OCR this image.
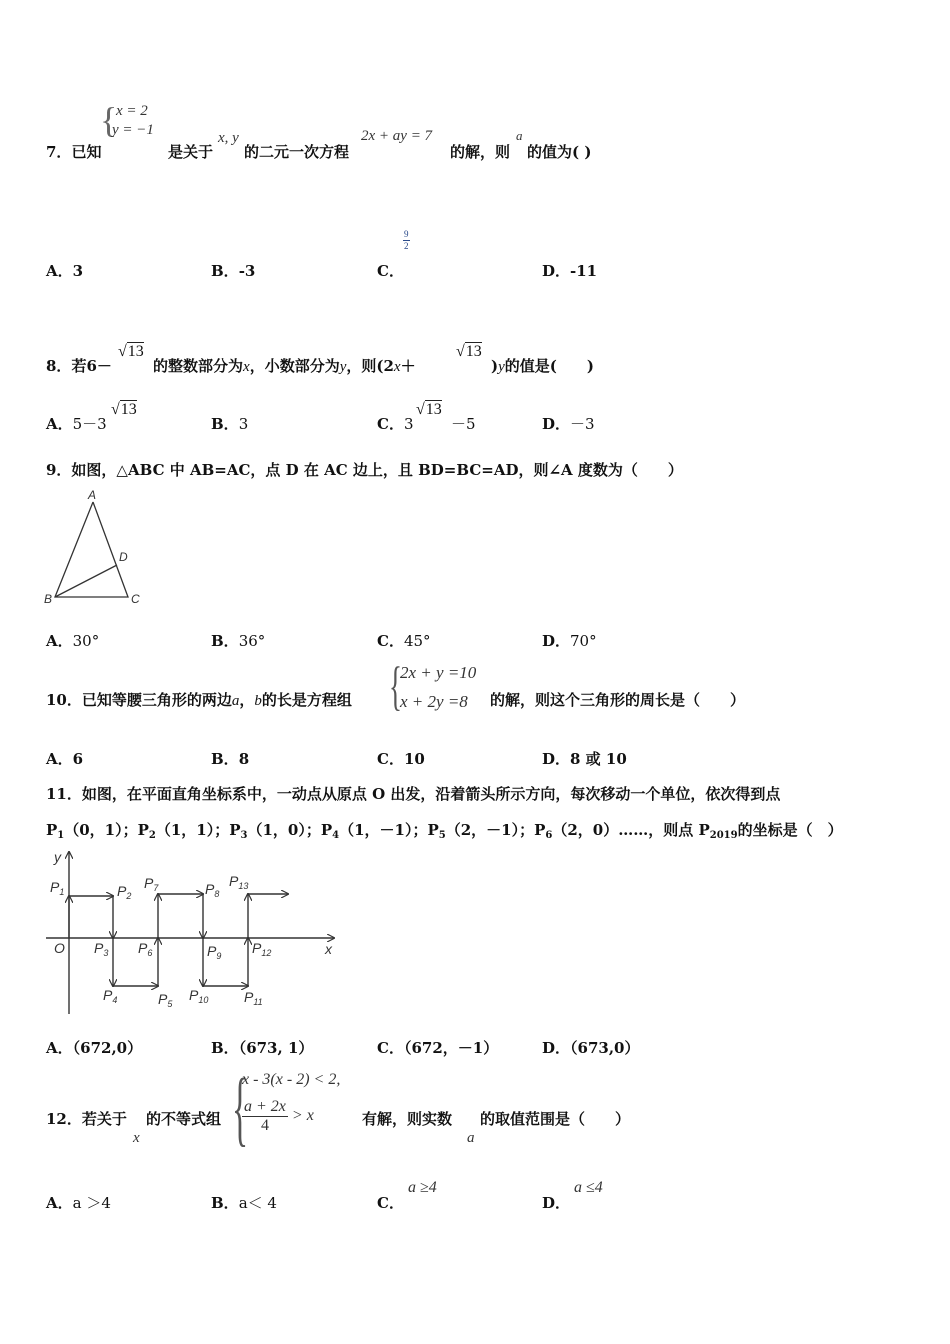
{
x = 2
y = −1
7．已知	是关于
x, y
的二元一次方程
2x + ay = 7
的解，则
a
的值为( )
A．3	B．-3	C．
$\frac{9}{2}$
D．-11
8．若6－
√13
的整数部分为x，小数部分为y，则(2x＋
√13
)y的值是(　　)
A．5－3
√13
B．3	C．3
√13
－5	D．－3
9．如图，△ABC 中 AB=AC，点 D 在 AC 边上，且 BD=BC=AD，则∠A 度数为（　　）
A
D
B	C
A．30°	B．36°	C．45°	D．70°
10．已知等腰三角形的两边a，b的长是方程组 {
2x + y =10
x + 2y =8 的解，则这个三角形的周长是（　　）
A．6	B．8	C．10	D．8 或 10
11．如图，在平面直角坐标系中，一动点从原点 O 出发，沿着箭头所示方向，每次移动一个单位，依次得到点
$P_1(0$，1）；$P_2(1$，1）；$P_3(1$，0）；$P_4(1$，－1）；$P_5(2$，－1）；$P_6(2$，0）……，则点 $P_{2019}$的坐标是（　）
y
x
O
$P_1$	$P_2$
$P_7$	$P_8$
$P_{13}$
$P_3$ $P_6$	$P_9$ $P_{12}$
$P_4$	$P_5$
$P_{10}$	$P_{11}$
A．（672,0）	B．（673, 1）	C．（672，－1）	D．（673,0）
12．若关于
x
的不等式组 {
x - 3(x - 2) < 2,
$\frac{a + 2x}{4} > x$	有解，则实数
a
的取值范围是（　　）
A．a ＞4	B．a＜ 4	C．
a ≥4
D．
a ≤4
